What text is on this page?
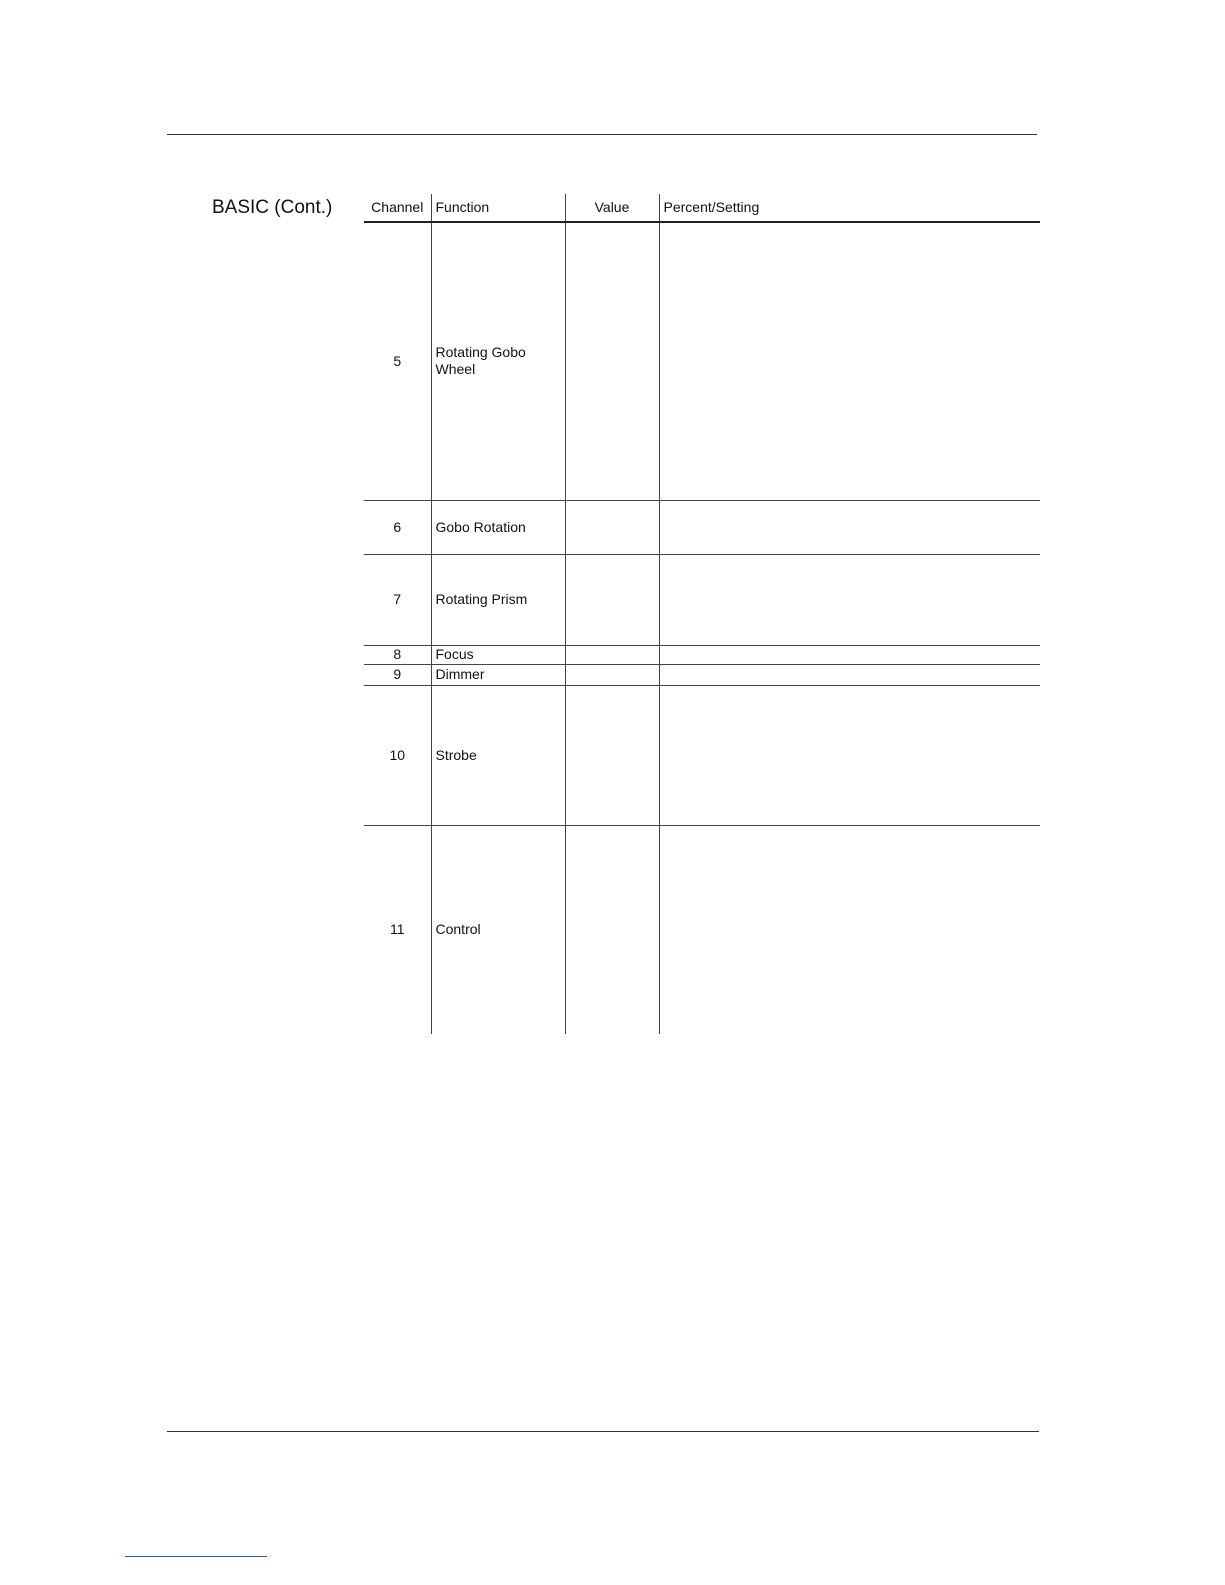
BASIC (Cont.)	Channel	Function	Value	Percent/Setting
5	Rotating Gobo Wheel		
6	Gobo Rotation		
7	Rotating Prism		
8	Focus		
9	Dimmer		
10	Strobe		
11	Control		
